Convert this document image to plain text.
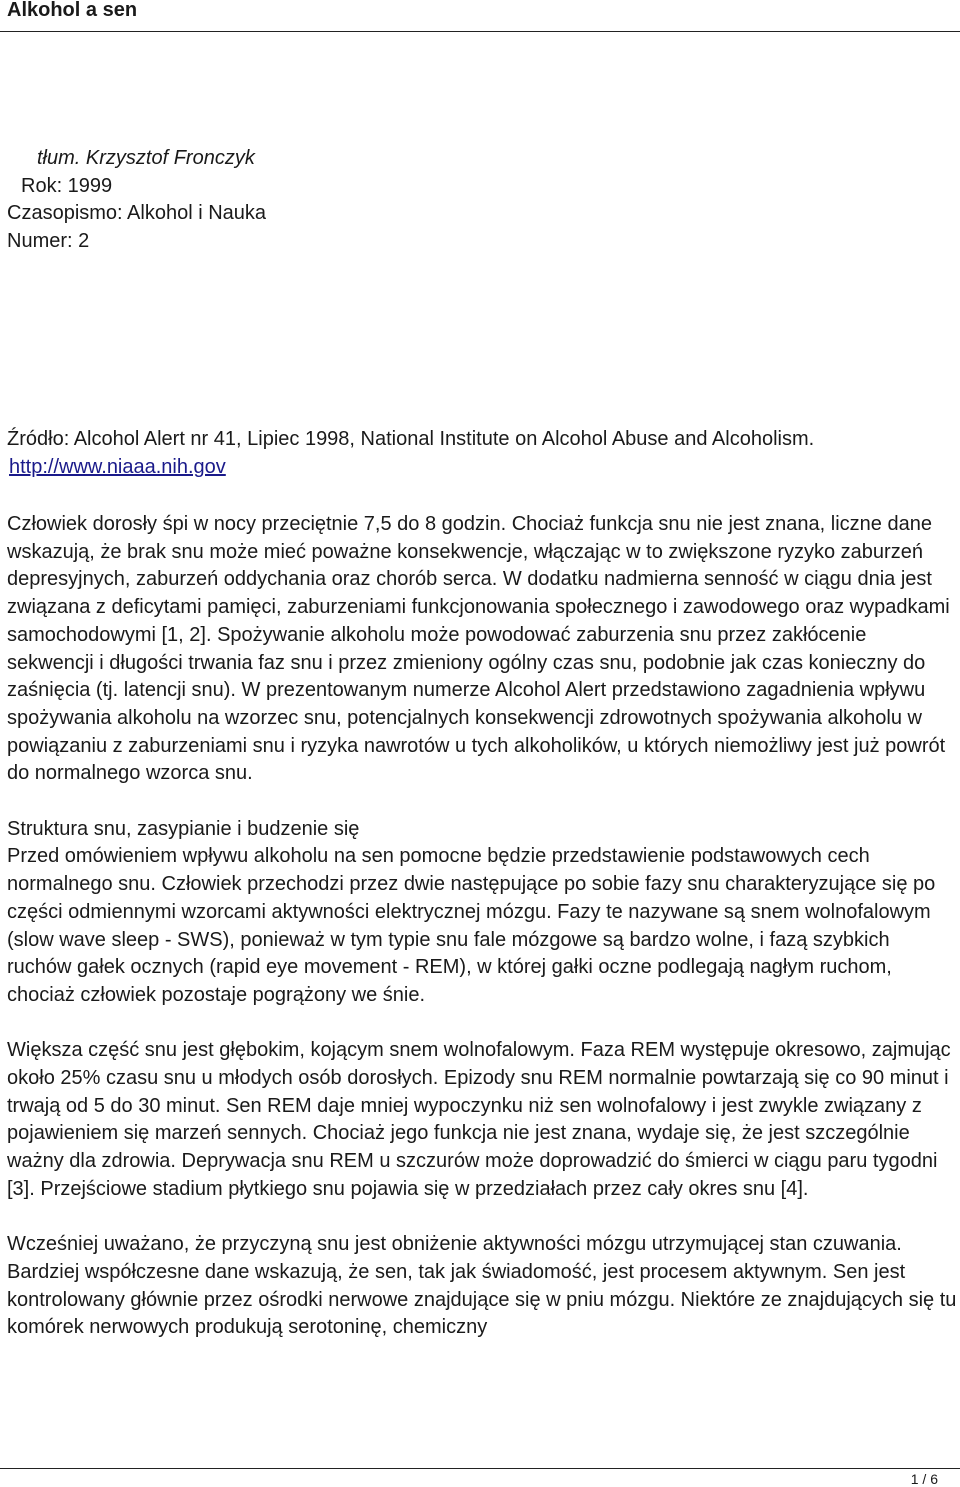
Alkohol a sen

tłum. Krzysztof Fronczyk

Rok: 1999

Czasopismo: Alkohol i Nauka

Numer: 2

Źródło: Alcohol Alert nr 41, Lipiec 1998, National Institute on Alcohol Abuse and Alcoholism.

http://www.niaaa.nih.gov

Człowiek dorosły śpi w nocy przeciętnie 7,5 do 8 godzin. Chociaż funkcja snu nie jest znana, liczne dane wskazują, że brak snu może mieć poważne konsekwencje, włączając w to zwiększone ryzyko zaburzeń depresyjnych, zaburzeń oddychania oraz chorób serca. W dodatku nadmierna senność w ciągu dnia jest związana z deficytami pamięci, zaburzeniami funkcjonowania społecznego i zawodowego oraz wypadkami samochodowymi [1, 2]. Spożywanie alkoholu może powodować zaburzenia snu przez zakłócenie sekwencji i długości trwania faz snu i przez zmieniony ogólny czas snu, podobnie jak czas konieczny do zaśnięcia (tj. latencji snu). W prezentowanym numerze Alcohol Alert przedstawiono zagadnienia wpływu spożywania alkoholu na wzorzec snu, potencjalnych konsekwencji zdrowotnych spożywania alkoholu w powiązaniu z zaburzeniami snu i ryzyka nawrotów u tych alkoholików, u których niemożliwy jest już powrót do normalnego wzorca snu.

Struktura snu, zasypianie i budzenie się

Przed omówieniem wpływu alkoholu na sen pomocne będzie przedstawienie podstawowych cech normalnego snu. Człowiek przechodzi przez dwie następujące po sobie fazy snu charakteryzujące się po części odmiennymi wzorcami aktywności elektrycznej mózgu. Fazy te nazywane są snem wolnofalowym (slow wave sleep - SWS), ponieważ w tym typie snu fale mózgowe są bardzo wolne, i fazą szybkich ruchów gałek ocznych (rapid eye movement - REM), w której gałki oczne podlegają nagłym ruchom, chociaż człowiek pozostaje pogrążony we śnie.

Większa część snu jest głębokim, kojącym snem wolnofalowym. Faza REM występuje okresowo, zajmując około 25% czasu snu u młodych osób dorosłych. Epizody snu REM normalnie powtarzają się co 90 minut i trwają od 5 do 30 minut. Sen REM daje mniej wypoczynku niż sen wolnofalowy i jest zwykle związany z pojawieniem się marzeń sennych. Chociaż jego funkcja nie jest znana, wydaje się, że jest szczególnie ważny dla zdrowia. Deprywacja snu REM u szczurów może doprowadzić do śmierci w ciągu paru tygodni [3]. Przejściowe stadium płytkiego snu pojawia się w przedziałach przez cały okres snu [4].

Wcześniej uważano, że przyczyną snu jest obniżenie aktywności mózgu utrzymującej stan czuwania. Bardziej współczesne dane wskazują, że sen, tak jak świadomość, jest procesem aktywnym. Sen jest kontrolowany głównie przez ośrodki nerwowe znajdujące się w pniu mózgu. Niektóre ze znajdujących się tu komórek nerwowych produkują serotoninę, chemiczny

1 / 6
